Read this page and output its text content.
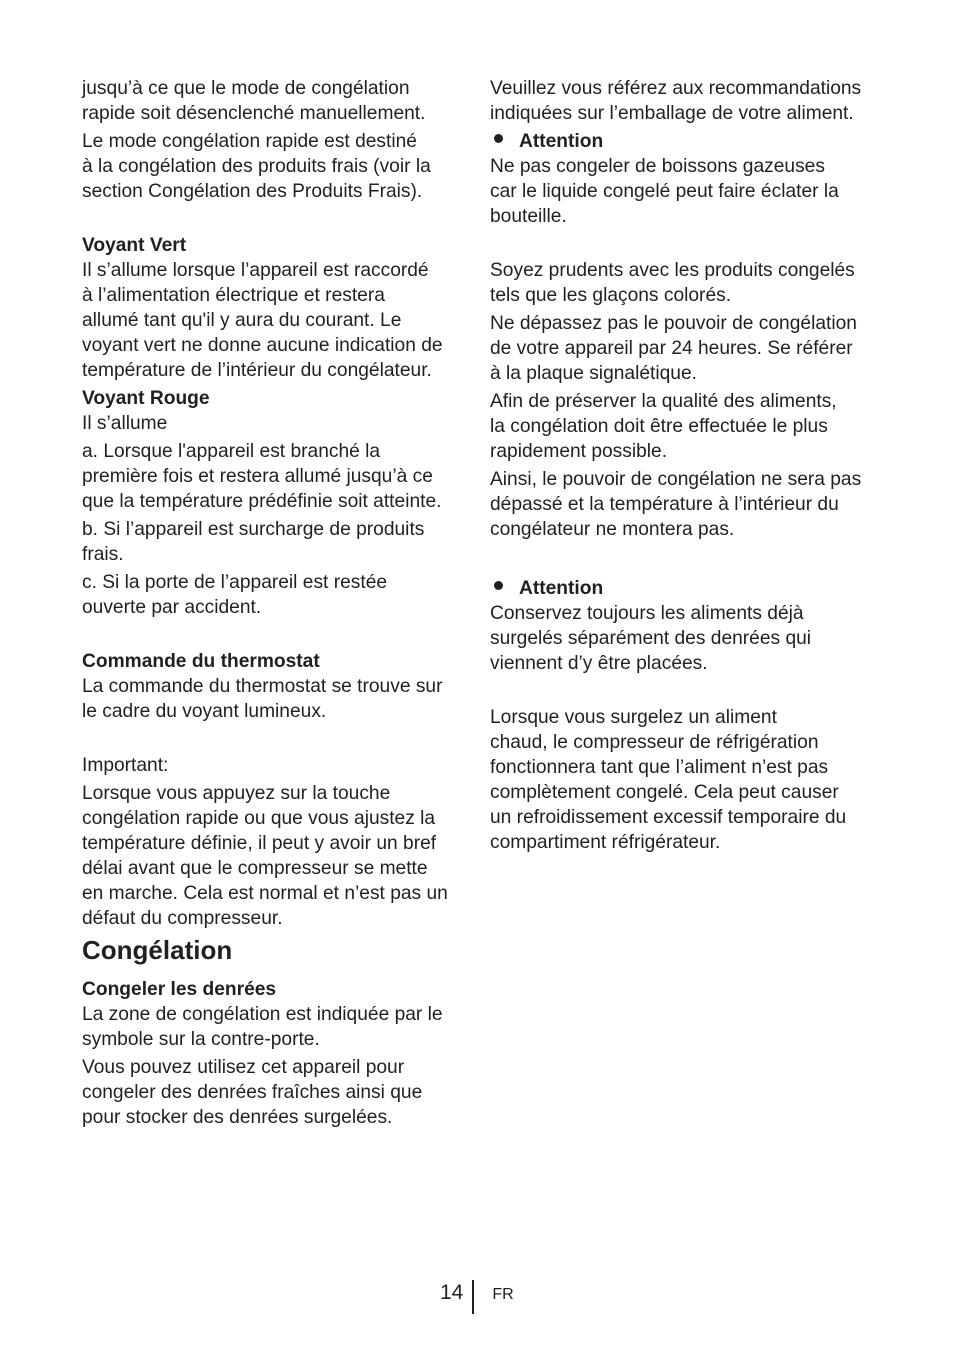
jusqu’à ce que le mode de congélation
rapide soit désenclenché manuellement.
Le mode congélation rapide est destiné
à la congélation des produits frais (voir la
section Congélation des Produits Frais).
Voyant Vert
Il s’allume lorsque l’appareil est raccordé
à l’alimentation électrique et restera
allumé tant qu'il y aura du courant. Le
voyant vert ne donne aucune indication de
température de l’intérieur du congélateur.
Voyant Rouge
Il s’allume
a. Lorsque l'appareil est branché la
première fois et restera allumé jusqu’à ce
que la température prédéfinie soit atteinte.
b. Si l’appareil est surcharge de produits
frais.
c. Si la porte de l’appareil est restée
ouverte par accident.
Commande du thermostat
La commande du thermostat se trouve sur
le cadre du voyant lumineux.
Important:
Lorsque vous appuyez sur la touche
congélation rapide ou que vous ajustez la
température définie, il peut y avoir un bref
délai avant que le compresseur se mette
en marche. Cela est normal et n’est pas un
défaut du compresseur.
Congélation
Congeler les denrées
La zone de congélation est indiquée par le
symbole sur la contre-porte.
Vous pouvez utilisez cet appareil pour
congeler des denrées fraîches ainsi que
pour stocker des denrées surgelées.
Veuillez vous référez aux recommandations
indiquées sur l’emballage de votre aliment.
Attention
Ne pas congeler de boissons gazeuses
car le liquide congelé peut faire éclater la
bouteille.
Soyez prudents avec les produits congelés
tels que les glaçons colorés.
Ne dépassez pas le pouvoir de congélation
de votre appareil par 24 heures. Se référer
à la plaque signalétique.
Afin de préserver la qualité des aliments,
la congélation doit être effectuée le plus
rapidement possible.
Ainsi, le pouvoir de congélation ne sera pas
dépassé et la température à l’intérieur du
congélateur ne montera pas.
Attention
Conservez toujours les aliments déjà
surgelés séparément des denrées qui
viennent d’y être placées.
Lorsque vous surgelez un aliment
chaud, le compresseur de réfrigération
fonctionnera tant que l’aliment n’est pas
complètement congelé. Cela peut causer
un refroidissement excessif temporaire du
compartiment réfrigérateur.
14 FR
